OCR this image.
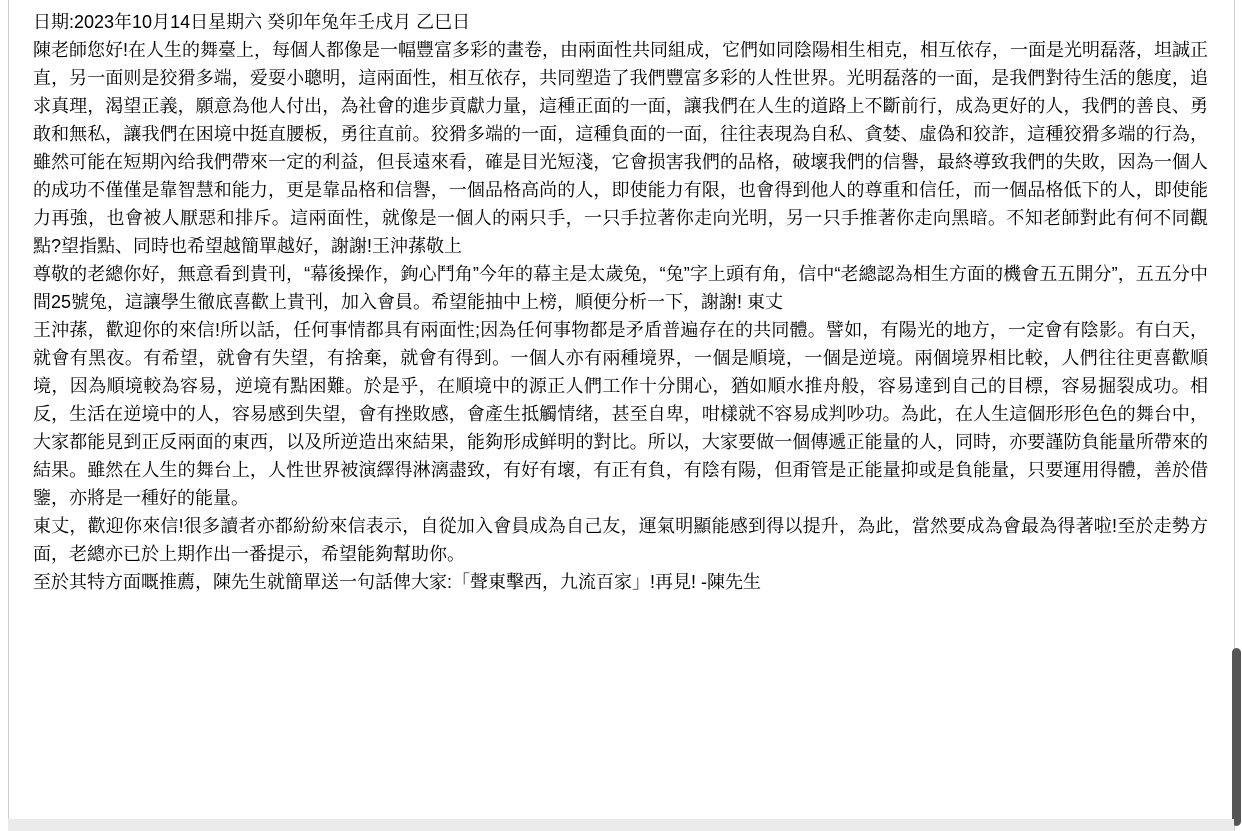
日期:2023年10月14日星期六 癸卯年兔年壬戌月 乙巳日

陳老師您好!在人生的舞臺上，每個人都像是一幅豐富多彩的畫卷，由兩面性共同組成，它們如同陰陽相生相克，相互依存，一面是光明磊落，坦誠正直，另一面则是狡猾多端，爱耍小聰明，這兩面性，相互依存，共同塑造了我們豐富多彩的人性世界。光明磊落的一面，是我們對待生活的態度，追求真理，渴望正義，願意為他人付出，為社會的進步貢獻力量，這種正面的一面，讓我們在人生的道路上不斷前行，成為更好的人，我們的善良、勇敢和無私，讓我們在困境中挺直腰板，勇往直前。狡猾多端的一面，這種負面的一面，往往表現為自私、貪婪、虛偽和狡詐，這種狡猾多端的行為，雖然可能在短期內给我們帶來一定的利益，但長遠來看，確是目光短淺，它會损害我們的品格，破壞我們的信譽，最終導致我們的失敗，因為一個人的成功不僅僅是靠智慧和能力，更是靠品格和信譽，一個品格高尚的人，即使能力有限，也會得到他人的尊重和信任，而一個品格低下的人，即使能力再強，也會被人厭惡和排斥。這兩面性，就像是一個人的兩只手，一只手拉著你走向光明，另一只手推著你走向黑暗。不知老師對此有何不同觀點?望指點、同時也希望越簡單越好，謝謝!王沖蓀敬上

尊敬的老總你好，無意看到貴刊，“幕後操作，鉤心鬥角”今年的幕主是太歲兔，“兔”字上頭有角，信中“老總認為相生方面的機會五五開分”，五五分中間25號兔，這讓學生徹底喜歡上貴刊，加入會員。希望能抽中上榜，順便分析一下，謝謝! 東丈

王沖蓀，歡迎你的來信!所以話，任何事情都具有兩面性;因為任何事物都是矛盾普遍存在的共同體。譬如，有陽光的地方，一定會有陰影。有白天，就會有黑夜。有希望，就會有失望，有捨棄，就會有得到。一個人亦有兩種境界，一個是順境，一個是逆境。兩個境界相比較，人們往往更喜歡順境，因為順境較為容易，逆境有點困難。於是乎，在順境中的源正人們工作十分開心，猶如順水推舟般，容易達到自己的目標，容易掘裂成功。相反，生活在逆境中的人，容易感到失望，會有挫敗感，會產生抵觸情绪，甚至自卑，咁樣就不容易成判吵功。為此，在人生這個形形色色的舞台中，大家都能見到正反兩面的東西，以及所逆造出來結果，能夠形成鲜明的對比。所以，大家要做一個傳遞正能量的人，同時，亦要謹防負能量所帶來的結果。雖然在人生的舞台上，人性世界被演繹得淋漓盡致，有好有壞，有正有負，有陰有陽，但甭管是正能量抑或是負能量，只要運用得體，善於借鑒，亦將是一種好的能量。

東丈，歡迎你來信!很多讀者亦都紛紛來信表示，自從加入會員成為自己友，運氣明顯能感到得以提升，為此，當然要成為會最為得著啦!至於走勢方面，老總亦已於上期作出一番提示，希望能夠幫助你。

至於其特方面嘅推薦，陳先生就簡單送一句話俾大家:「聲東擊西，九流百家」!再見! -陳先生
